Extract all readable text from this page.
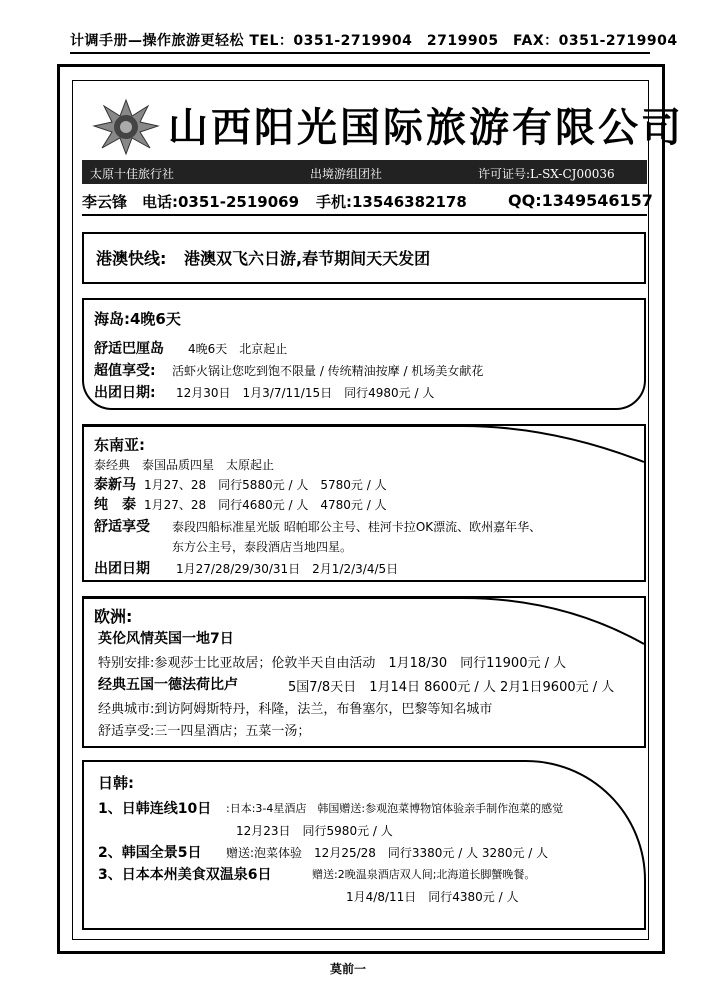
计调手册—操作旅游更轻松 TEL：0351-2719904　2719905　FAX：0351-2719904
山西阳光国际旅游有限公司
太原十佳旅行社	出境游组团社	许可证号:L-SX-CJ00036
李云锋 电话:0351-2519069 手机:13546382178	QQ:1349546157
港澳快线: 港澳双飞六日游,春节期间天天发团
海岛:4晚6天
舒适巴厘岛 4晚6天　北京起止
超值享受: 活虾火锅让您吃到饱不限量 / 传统精油按摩 / 机场美女献花
出团日期: 12月30日　1月3/7/11/15日　同行4980元 / 人
东南亚:
泰经典　泰国品质四星　太原起止
泰新马 1月27、28　同行5880元 / 人　5780元 / 人
纯　泰 1月27、28　同行4680元 / 人　4780元 / 人
舒适享受 泰段四船标准星光版 昭帕耶公主号、桂河卡拉OK漂流、欧州嘉年华、
东方公主号，泰段酒店当地四星。
出团日期 1月27/28/29/30/31日　2月1/2/3/4/5日
欧洲:
英伦风情英国一地7日
特别安排:参观莎士比亚故居；伦敦半天自由活动　1月18/30　同行11900元 / 人
经典五国一德法荷比卢	5国7/8天日　1月14日 8600元 / 人 2月1日9600元 / 人
经典城市:到访阿姆斯特丹，科隆，法兰，布鲁塞尔，巴黎等知名城市
舒适享受:三一四星酒店；五菜一汤；
日韩:
1、日韩连线10日 :日本:3-4星酒店　韩国赠送:参观泡菜博物馆体验亲手制作泡菜的感觉
12月23日　同行5980元 / 人
2、韩国全景5日 赠送:泡菜体验　12月25/28　同行3380元 / 人 3280元 / 人
3、日本本州美食双温泉6日	赠送:2晚温泉酒店双人间;北海道长脚蟹晚餐。
1月4/8/11日　同行4380元 / 人
莫前一
